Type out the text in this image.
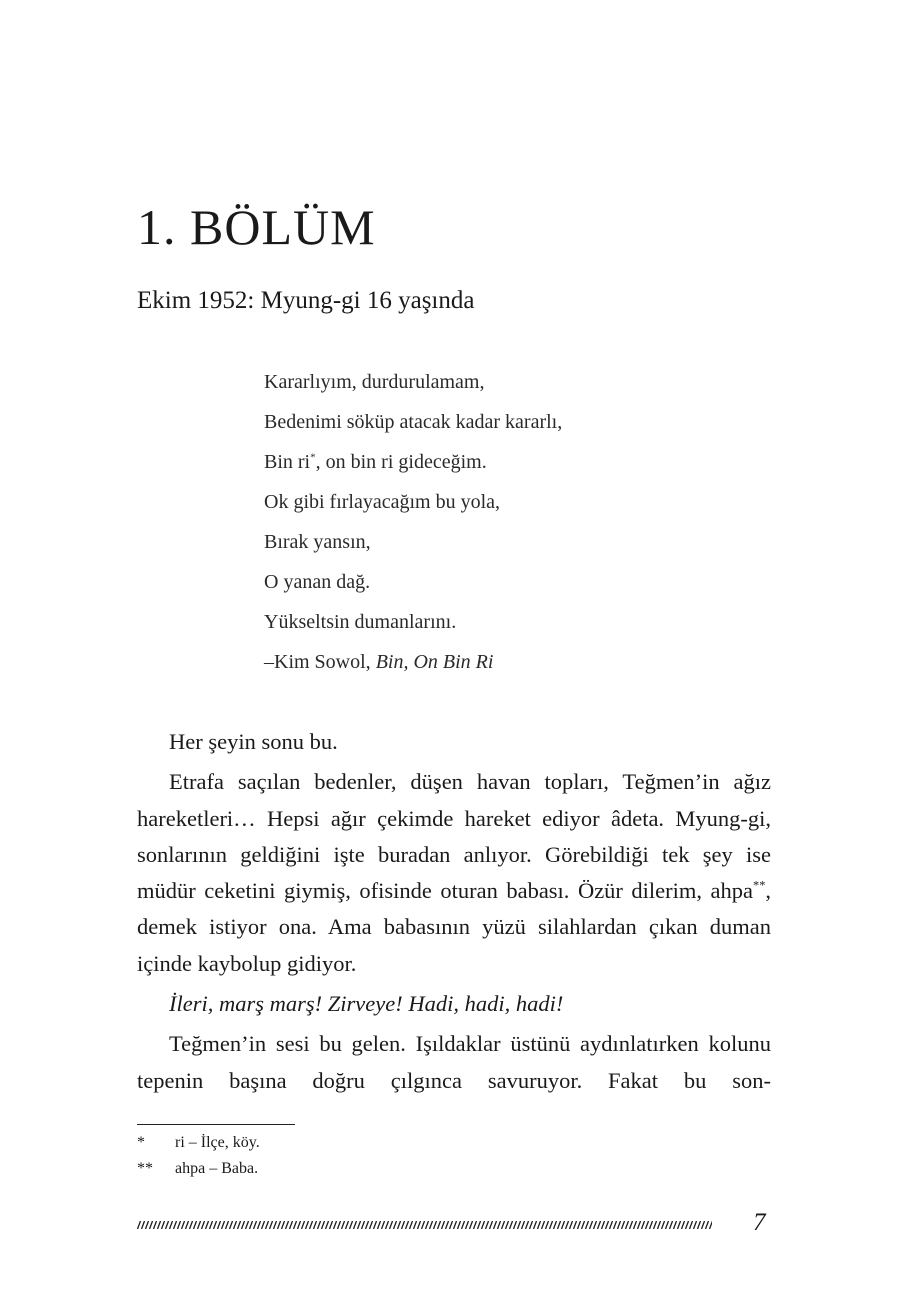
1. BÖLÜM
Ekim 1952: Myung-gi 16 yaşında
Kararlıyım, durdurulamam,
Bedenimi söküp atacak kadar kararlı,
Bin ri*, on bin ri gideceğim.
Ok gibi fırlayacağım bu yola,
Bırak yansın,
O yanan dağ.
Yükseltsin dumanlarını.
–Kim Sowol, Bin, On Bin Ri

Her şeyin sonu bu.

Etrafa saçılan bedenler, düşen havan topları, Teğmen’in ağız hareketleri… Hepsi ağır çekimde hareket ediyor âdeta. Myung-gi, sonlarının geldiğini işte buradan anlıyor. Görebildiği tek şey ise müdür ceketini giymiş, ofisinde oturan babası. Özür dilerim, ahpa**, demek istiyor ona. Ama babasının yüzü silahlardan çıkan duman içinde kaybolup gidiyor.

İleri, marş marş! Zirveye! Hadi, hadi, hadi!

Teğmen’in sesi bu gelen. Işıldaklar üstünü aydınlatırken kolunu tepenin başına doğru çılgınca savuruyor. Fakat bu son-

* ri – İlçe, köy.
** ahpa – Baba.
7
